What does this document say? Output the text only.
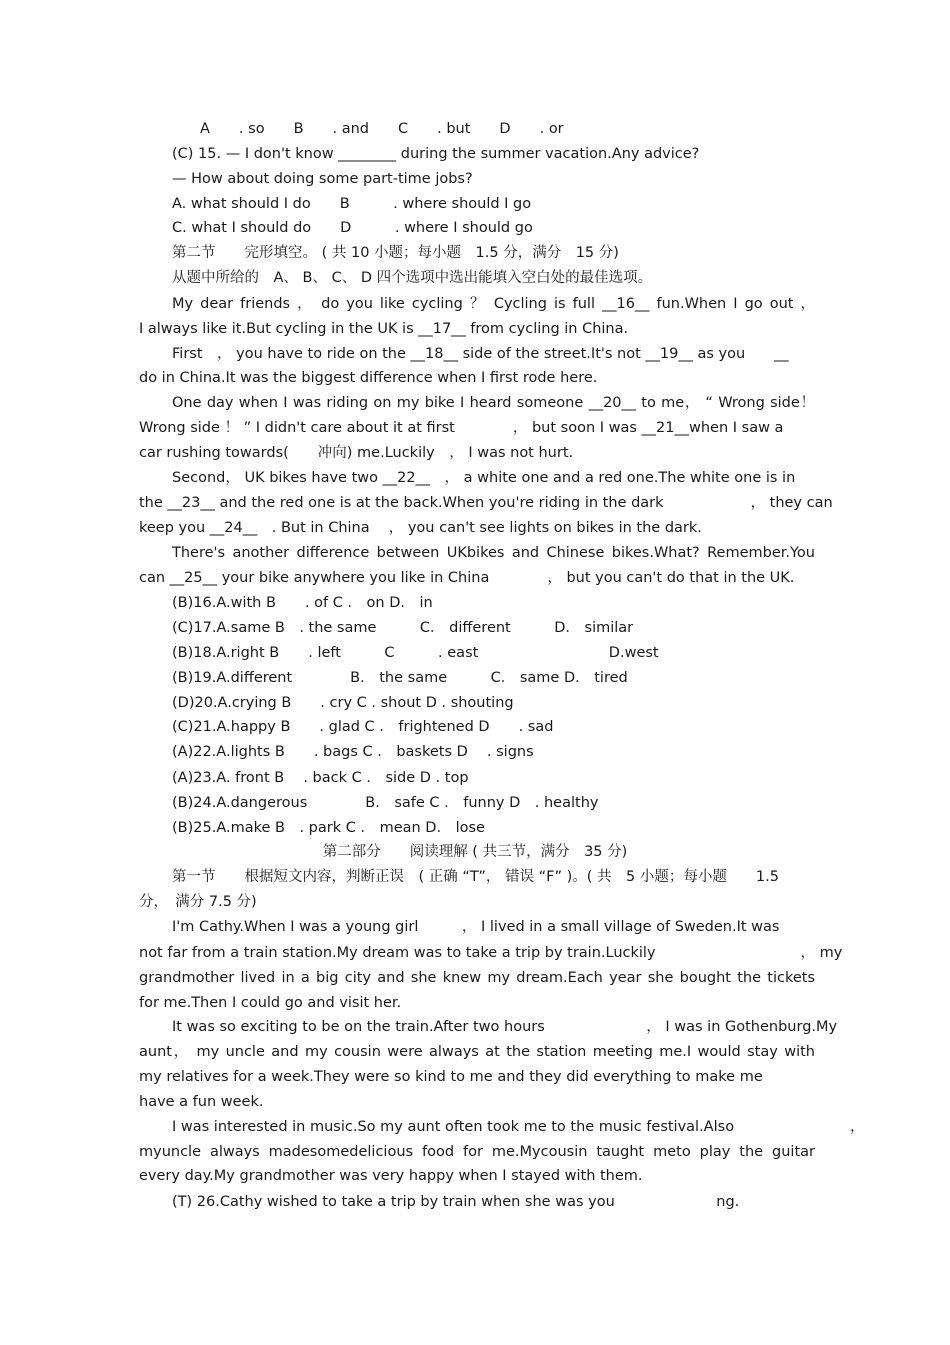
A　　. so　　B　　. and　　C　　. but　　D　　. or
(C) 15. — I don't know ________ during the summer vacation.Any advice?
— How about doing some part-time jobs?
A. what should I do　　B　　　. where should I go
C. what I should do　　D　　　. where I should go
第二节　　完形填空。 ( 共 10 小题；每小题　1.5 分，满分　15 分)
从题中所给的　A、 B、 C、 D 四个选项中选出能填入空白处的最佳选项。
My dear friends ， do you like cycling ？ Cycling is full __16__ fun.When I go out ，
I always like it.But cycling in the UK is __17__ from cycling in China.
First　， you have to ride on the __18__ side of the street.It's not __19__ as you　　__
do in China.It was the biggest difference when I first rode here.
One day when I was riding on my bike I heard someone __20__ to me， “ Wrong side！
Wrong side ！ ” I didn't care about it at first　　　　， but soon I was __21__when I saw a
car rushing towards(　　冲向) me.Luckily　， I was not hurt.
Second， UK bikes have two __22__　， a white one and a red one.The white one is in
the __23__ and the red one is at the back.When you're riding in the dark　　　　　　， they can
keep you __24__　. But in China　 ， you can't see lights on bikes in the dark.
There's another difference between UKbikes and Chinese bikes.What? Remember.You
can __25__ your bike anywhere you like in China　　　　， but you can't do that in the UK.
(B)16.A.with B　　. of C ． on D． in
(C)17.A.same B　. the same　　　C． different　　　D． similar
(B)18.A.right B　　. left　　　C　　　. east　　　　　　　　　D.west
(B)19.A.different　　　　B． the same　　　C． same D． tired
(D)20.A.crying B　　. cry C . shout D . shouting
(C)21.A.happy B　　. glad C ． frightened D　　. sad
(A)22.A.lights B　　. bags C ． baskets D　 . signs
(A)23.A. front B　 . back C ． side D . top
(B)24.A.dangerous　　　　B． safe C ． funny D　. healthy
(B)25.A.make B　. park C ． mean D． lose
第二部分　　阅读理解 ( 共三节，满分　35 分)
第一节　　根据短文内容，判断正误　( 正确 “T”， 错误 “F” )。( 共　5 小题；每小题　　1.5
分，　满分 7.5 分)
I'm Cathy.When I was a young girl　　　， I lived in a small village of Sweden.It was
not far from a train station.My dream was to take a trip by train.Luckily　　　　　　　　　　， my
grandmother lived in a big city and she knew my dream.Each year she bought the tickets
for me.Then I could go and visit her.
It was so exciting to be on the train.After two hours　　　　　　　， I was in Gothenburg.My
aunt， my uncle and my cousin were always at the station meeting me.I would stay with
my relatives for a week.They were so kind to me and they did everything to make me
have a fun week.
I was interested in music.So my aunt often took me to the music festival.Also　　　　　　　　，
myuncle always madesomedelicious food for me.Mycousin taught meto play the guitar
every day.My grandmother was very happy when I stayed with them.
(T) 26.Cathy wished to take a trip by train when she was you　　　　　　　ng.
